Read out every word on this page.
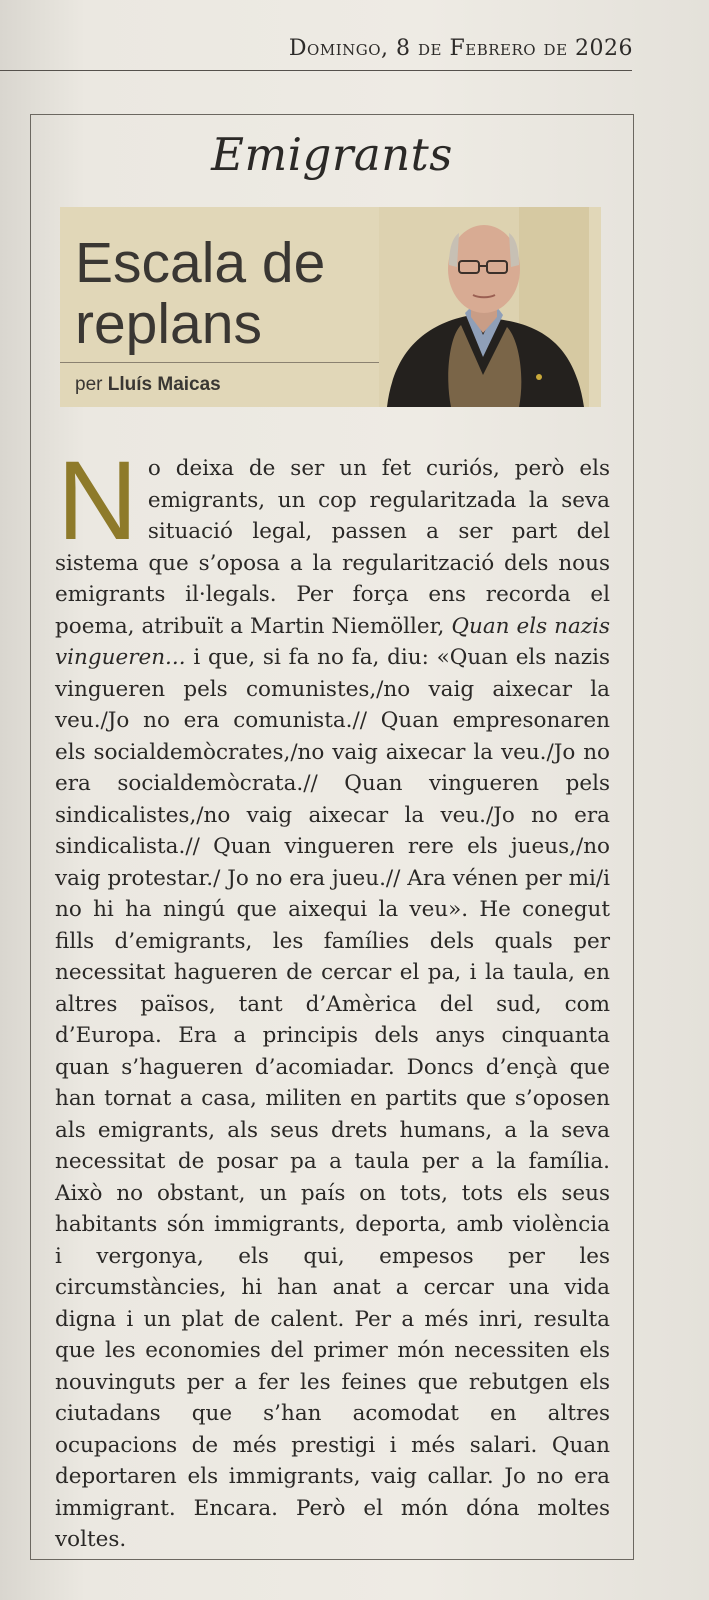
Domingo, 8 de Febrero de 2026
Emigrants
Escala de
replans
per Lluís Maicas
N o deixa de ser un fet curiós, però els emigrants, un cop regularitzada la seva situació legal, passen a ser part del sistema que s’oposa a la regularització dels nous emigrants il·legals. Per força ens recorda el poema, atribuït a Martin Niemöller, Quan els nazis vingueren... i que, si fa no fa, diu: «Quan els nazis vingueren pels comunistes,/no vaig aixecar la veu./Jo no era comunista.// Quan empresonaren els socialdemòcrates,/no vaig aixecar la veu./Jo no era socialdemòcrata.// Quan vingueren pels sindicalistes,/no vaig aixecar la veu./Jo no era sindicalista.// Quan vingueren rere els jueus,/no vaig protestar./ Jo no era jueu.// Ara vénen per mi/i no hi ha ningú que aixequi la veu». He conegut fills d’emigrants, les famílies dels quals per necessitat hagueren de cercar el pa, i la taula, en altres països, tant d’Amèrica del sud, com d’Europa. Era a principis dels anys cinquanta quan s’hagueren d’acomiadar. Doncs d’ençà que han tornat a casa, militen en partits que s’oposen als emigrants, als seus drets humans, a la seva necessitat de posar pa a taula per a la família. Això no obstant, un país on tots, tots els seus habitants són immigrants, deporta, amb violència i vergonya, els qui, empesos per les circumstàncies, hi han anat a cercar una vida digna i un plat de calent. Per a més inri, resulta que les economies del primer món necessiten els nouvinguts per a fer les feines que rebutgen els ciutadans que s’han acomodat en altres ocupacions de més prestigi i més salari. Quan deportaren els immigrants, vaig callar. Jo no era immigrant. Encara. Però el món dóna moltes voltes.
